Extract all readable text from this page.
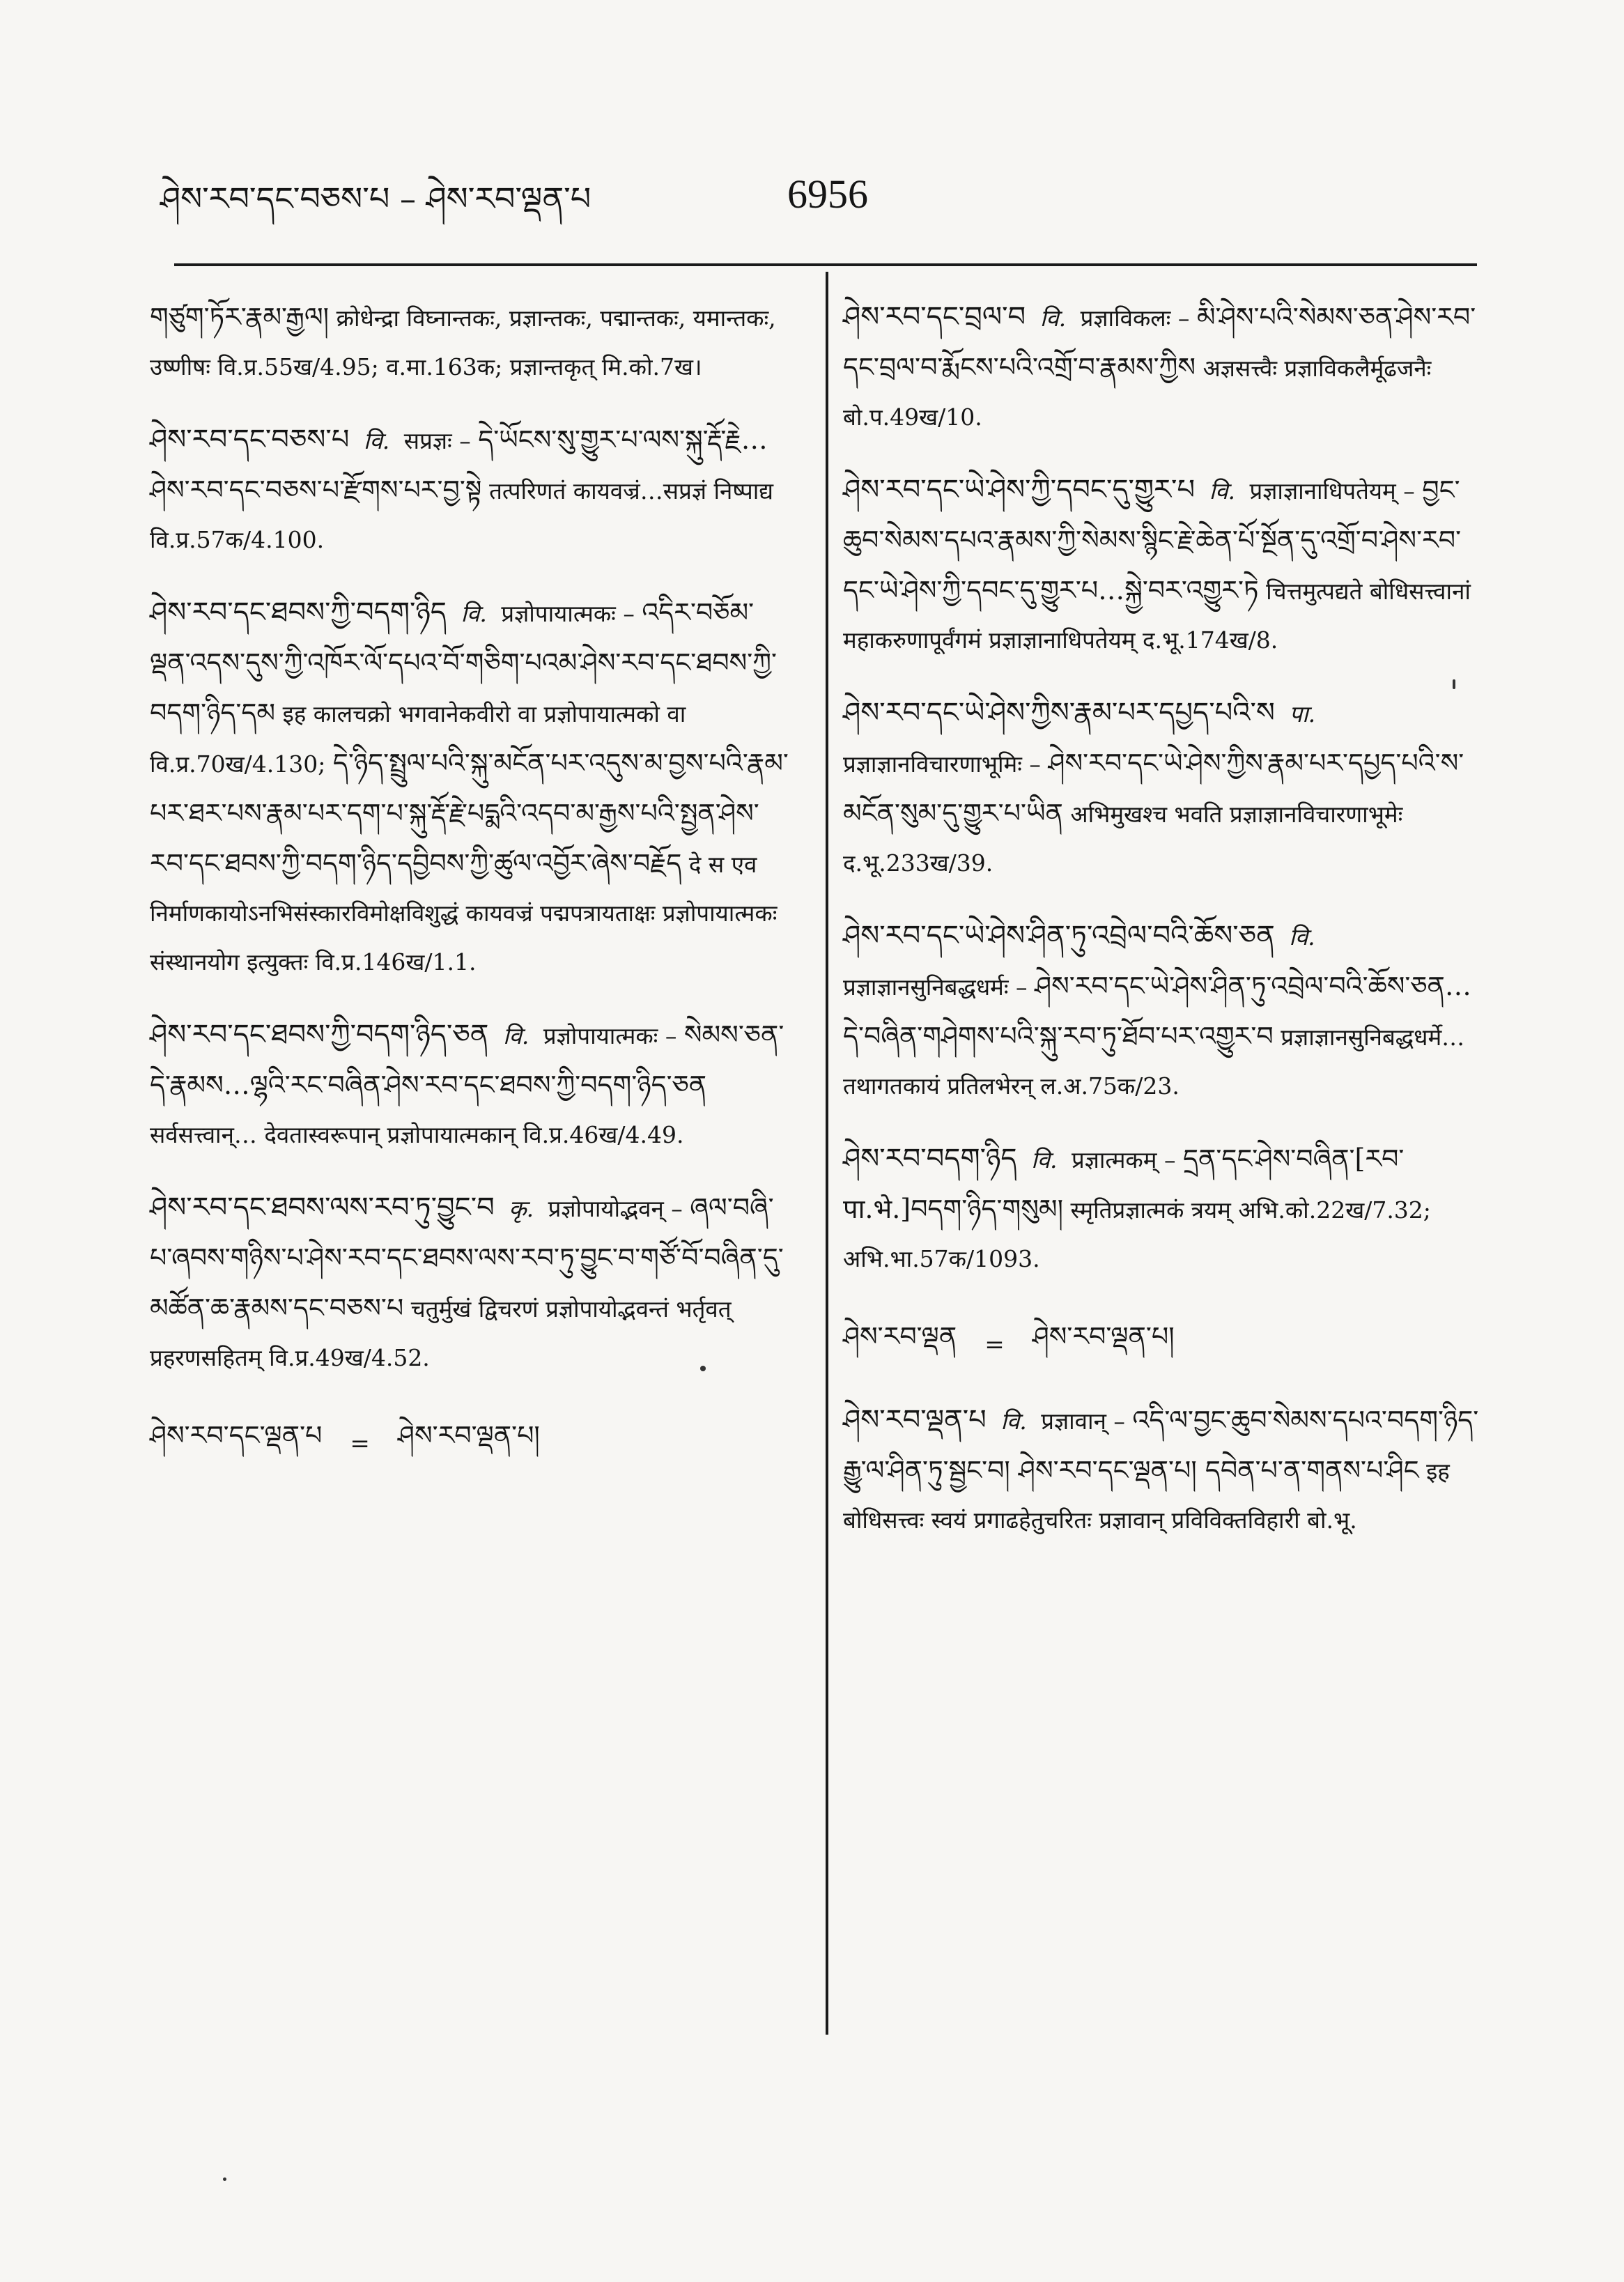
ཤེས་རབ་དང་བཅས་པ – ཤེས་རབ་ལྡན་པ	6956
གཙུག་ཏོར་རྣམ་རྒྱལ། क्रोधेन्द्रा विघ्नान्तकः, प्रज्ञान्तकः, पद्मान्तकः, यमान्तकः, उष्णीषः वि.प्र.55ख/4.95; व.मा.163क; प्रज्ञान्तकृत् मि.को.7ख।
ཤེས་རབ་དང་བཅས་པ वि. सप्रज्ञः – དེ་ཡོངས་སུ་གྱུར་པ་ལས་སྐུ་རྡོ་རྗེ…ཤེས་རབ་དང་བཅས་པ་རྫོགས་པར་བྱ་སྟེ तत्परिणतं कायवज्रं…सप्रज्ञं निष्पाद्य वि.प्र.57क/4.100.
ཤེས་རབ་དང་ཐབས་ཀྱི་བདག་ཉིད वि. प्रज्ञोपायात्मकः – འདིར་བཅོམ་ལྡན་འདས་དུས་ཀྱི་འཁོར་ལོ་དཔའ་བོ་གཅིག་པའམ་ཤེས་རབ་དང་ཐབས་ཀྱི་བདག་ཉིད་དམ इह कालचक्रो भगवानेकवीरो वा प्रज्ञोपायात्मको वा वि.प्र.70ख/4.130; དེ་ཉིད་སྤྲུལ་པའི་སྐུ་མངོན་པར་འདུས་མ་བྱས་པའི་རྣམ་པར་ཐར་པས་རྣམ་པར་དག་པ་སྐུ་རྡོ་རྗེ་པདྨའི་འདབ་མ་རྒྱས་པའི་སྤྱན་ཤེས་རབ་དང་ཐབས་ཀྱི་བདག་ཉིད་དབྱིབས་ཀྱི་ཚུལ་འབྱོར་ཞེས་བརྗོད दे स एव निर्माणकायोऽनभिसंस्कारविमोक्षविशुद्धं कायवज्रं पद्मपत्रायताक्षः प्रज्ञोपायात्मकः संस्थानयोग इत्युक्तः वि.प्र.146ख/1.1.
ཤེས་རབ་དང་ཐབས་ཀྱི་བདག་ཉིད་ཅན वि. प्रज्ञोपायात्मकः – སེམས་ཅན་དེ་རྣམས…ལྷའི་རང་བཞིན་ཤེས་རབ་དང་ཐབས་ཀྱི་བདག་ཉིད་ཅན सर्वसत्त्वान्… देवतास्वरूपान् प्रज्ञोपायात्मकान् वि.प्र.46ख/4.49.
ཤེས་རབ་དང་ཐབས་ལས་རབ་ཏུ་བྱུང་བ कृ. प्रज्ञोपायोद्भवन् – ཞལ་བཞི་པ་ཞབས་གཉིས་པ་ཤེས་རབ་དང་ཐབས་ལས་རབ་ཏུ་བྱུང་བ་གཙོ་བོ་བཞིན་དུ་མཚོན་ཆ་རྣམས་དང་བཅས་པ चतुर्मुखं द्विचरणं प्रज्ञोपायोद्भवन्तं भर्तृवत् प्रहरणसहितम् वि.प्र.49ख/4.52.
ཤེས་རབ་དང་ལྡན་པ = ཤེས་རབ་ལྡན་པ།
ཤེས་རབ་དང་བྲལ་བ वि. प्रज्ञाविकलः – མི་ཤེས་པའི་སེམས་ཅན་ཤེས་རབ་དང་བྲལ་བ་རྨོངས་པའི་འགྲོ་བ་རྣམས་ཀྱིས अज्ञसत्त्वैः प्रज्ञाविकलैर्मूढजनैः बो.प.49ख/10.
ཤེས་རབ་དང་ཡེ་ཤེས་ཀྱི་དབང་དུ་གྱུར་པ वि. प्रज्ञाज्ञानाधिपतेयम् – བྱང་ཆུབ་སེམས་དཔའ་རྣམས་ཀྱི་སེམས་སྙིང་རྗེ་ཆེན་པོ་སྔོན་དུ་འགྲོ་བ་ཤེས་རབ་དང་ཡེ་ཤེས་ཀྱི་དབང་དུ་གྱུར་པ…སྐྱེ་བར་འགྱུར་ཏེ चित्तमुत्पद्यते बोधिसत्त्वानां महाकरुणापूर्वंगमं प्रज्ञाज्ञानाधिपतेयम् द.भू.174ख/8.
ཤེས་རབ་དང་ཡེ་ཤེས་ཀྱིས་རྣམ་པར་དཔྱད་པའི་ས पा. प्रज्ञाज्ञानविचारणाभूमिः – ཤེས་རབ་དང་ཡེ་ཤེས་ཀྱིས་རྣམ་པར་དཔྱད་པའི་ས་མངོན་སུམ་དུ་གྱུར་པ་ཡིན अभिमुखश्च भवति प्रज्ञाज्ञानविचारणाभूमेः द.भू.233ख/39.
ཤེས་རབ་དང་ཡེ་ཤེས་ཤིན་ཏུ་འབྲེལ་བའི་ཆོས་ཅན वि. प्रज्ञाज्ञानसुनिबद्धधर्मः – ཤེས་རབ་དང་ཡེ་ཤེས་ཤིན་ཏུ་འབྲེལ་བའི་ཆོས་ཅན…དེ་བཞིན་གཤེགས་པའི་སྐུ་རབ་ཏུ་ཐོབ་པར་འགྱུར་བ प्रज्ञाज्ञानसुनिबद्धधर्मे… तथागतकायं प्रतिलभेरन् ल.अ.75क/23.
ཤེས་རབ་བདག་ཉིད वि. प्रज्ञात्मकम् – དྲན་དང་ཤེས་བཞིན་[རབ་ पा.भे.]བདག་ཉིད་གསུམ། स्मृतिप्रज्ञात्मकं त्रयम् अभि.को.22ख/7.32; अभि.भा.57क/1093.
ཤེས་རབ་ལྡན = ཤེས་རབ་ལྡན་པ།
ཤེས་རབ་ལྡན་པ वि. प्रज्ञावान् – འདི་ལ་བྱང་ཆུབ་སེམས་དཔའ་བདག་ཉིད་རྒྱུ་ལ་ཤིན་ཏུ་སྦྱང་བ། ཤེས་རབ་དང་ལྡན་པ། དབེན་པ་ན་གནས་པ་ཤིང इह बोधिसत्त्वः स्वयं प्रगाढहेतुचरितः प्रज्ञावान् प्रविविक्तविहारी बो.भू.
